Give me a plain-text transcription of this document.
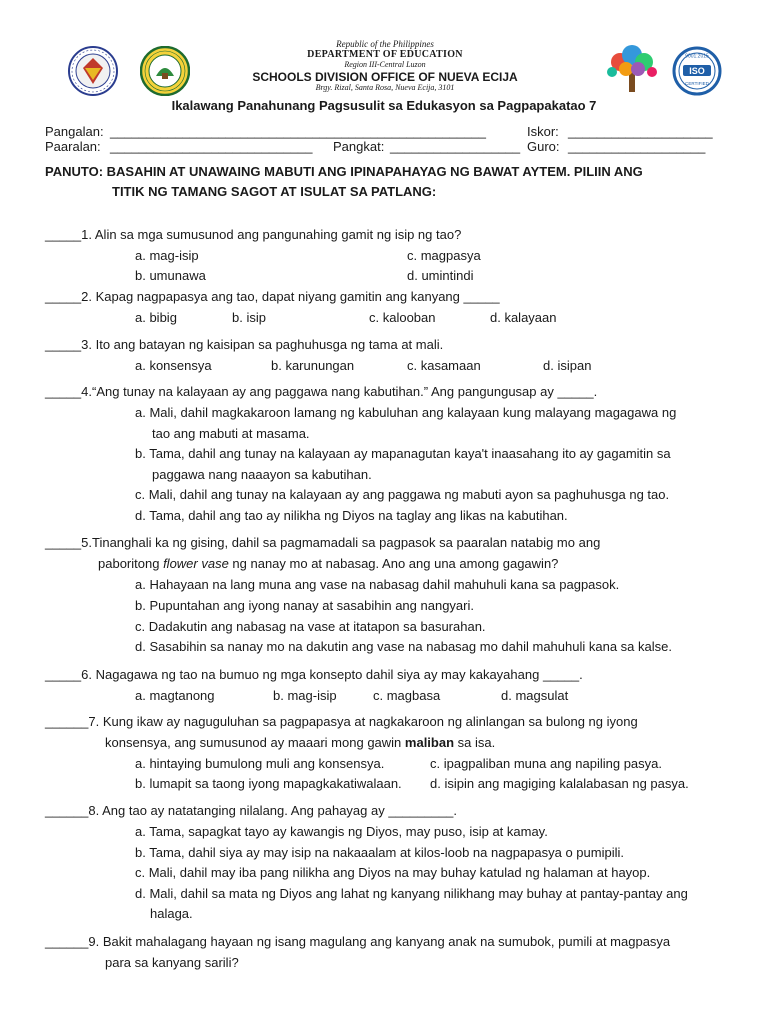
Republic of the Philippines
DEPARTMENT OF EDUCATION
Region III-Central Luzon
SCHOOLS DIVISION OFFICE OF NUEVA ECIJA
Brgy. Rizal, Santa Rosa, Nueva Ecija, 3101
9001:2015
ISO
CERTIFIED
Ikalawang Panahunang Pagsusulit sa Edukasyon sa Pagpapakatao 7
Pangalan: ____________________________________________________	Iskor: ____________________
Paaralan: ____________________________ Pangkat: __________________ Guro: ___________________
PANUTO: BASAHIN AT UNAWAING MABUTI ANG IPINAPAHAYAG NG BAWAT AYTEM. PILIIN ANG
TITIK NG TAMANG SAGOT AT ISULAT SA PATLANG:
_____1. Alin sa mga sumusunod ang pangunahing gamit ng isip ng tao?
a. mag-isip	c. magpasya
b. umunawa	d. umintindi
_____2. Kapag nagpapasya ang tao, dapat niyang gamitin ang kanyang _____
a. bibig	b. isip	c. kalooban	d. kalayaan
_____3. Ito ang batayan ng kaisipan sa paghuhusga ng tama at mali.
a. konsensya	b. karunungan	c. kasamaan	d. isipan
_____4.“Ang tunay na kalayaan ay ang paggawa nang kabutihan.” Ang pangungusap ay _____.
a. Mali, dahil magkakaroon lamang ng kabuluhan ang kalayaan kung malayang magagawa ng
tao ang mabuti at masama.
b. Tama, dahil ang tunay na kalayaan ay mapanagutan kaya't inaasahang ito ay gagamitin sa
paggawa nang naaayon sa kabutihan.
c. Mali, dahil ang tunay na kalayaan ay ang paggawa ng mabuti ayon sa paghuhusga ng tao.
d. Tama, dahil ang tao ay nilikha ng Diyos na taglay ang likas na kabutihan.
_____5.Tinanghali ka ng gising, dahil sa pagmamadali sa pagpasok sa paaralan natabig mo ang
paboritong flower vase ng nanay mo at nabasag. Ano ang una among gagawin?
a. Hahayaan na lang muna ang vase na nabasag dahil mahuhuli kana sa pagpasok.
b. Pupuntahan ang iyong nanay at sasabihin ang nangyari.
c. Dadakutin ang nabasag na vase at itatapon sa basurahan.
d. Sasabihin sa nanay mo na dakutin ang vase na nabasag mo dahil mahuhuli kana sa kalse.
_____6. Nagagawa ng tao na bumuo ng mga konsepto dahil siya ay may kakayahang _____.
a. magtanong	b. mag-isip	c. magbasa	d. magsulat
______7. Kung ikaw ay naguguluhan sa pagpapasya at nagkakaroon ng alinlangan sa bulong ng iyong
konsensya, ang sumusunod ay maaari mong gawin maliban sa isa.
a. hintaying bumulong muli ang konsensya.	c. ipagpaliban muna ang napiling pasya.
b. lumapit sa taong iyong mapagkakatiwalaan. d. isipin ang magiging kalalabasan ng pasya.
______8. Ang tao ay natatanging nilalang. Ang pahayag ay _________.
a. Tama, sapagkat tayo ay kawangis ng Diyos, may puso, isip at kamay.
b. Tama, dahil siya ay may isip na nakaaalam at kilos-loob na nagpapasya o pumipili.
c. Mali, dahil may iba pang nilikha ang Diyos na may buhay katulad ng halaman at hayop.
d. Mali, dahil sa mata ng Diyos ang lahat ng kanyang nilikhang may buhay at pantay-pantay ang
halaga.
______9. Bakit mahalagang hayaan ng isang magulang ang kanyang anak na sumubok, pumili at magpasya
para sa kanyang sarili?
